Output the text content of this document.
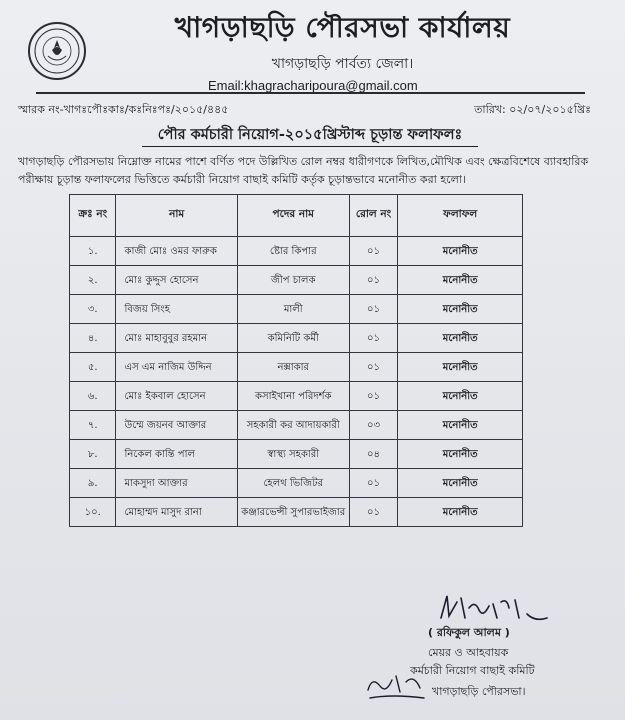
খাগড়াছড়ি পৌরসভা কার্যালয়
খাগড়াছড়ি পার্বত্য জেলা।
Email:khagracharipoura@gmail.com
স্মারক নং-খাগঃপৌঃকাঃ/কঃনিঃপঃ/২০১৫/৪৪৫	তারিখ: ০২/০৭/২০১৫খ্রিঃ
পৌর কর্মচারী নিয়োগ-২০১৫খ্রিস্টাব্দ চূড়ান্ত ফলাফলঃ
খাগড়াছড়ি পৌরসভায় নিম্নোক্ত নামের পাশে বর্ণিত পদে উল্লিখিত রোল নম্বর ধারীগণকে লিখিত,মৌখিক এবং ক্ষেত্রবিশেষে ব্যাবহারিক পরীক্ষায় চূড়ান্ত ফলাফলের ভিত্তিতে কর্মচারী নিয়োগ বাছাই কমিটি কর্তৃক চূড়ান্তভাবে মনোনীত করা হলো।
ক্রঃ নং	নাম	পদের নাম	রোল নং	ফলাফল
১.	কাজী মোঃ ওমর ফারুক	ষ্টোর কিপার	০১	মনোনীত
২.	মোঃ কুদ্দুস হোসেন	জীপ চালক	০১	মনোনীত
৩.	বিজয় সিংহ	মালী	০১	মনোনীত
৪.	মোঃ মাহাবুবুর রহমান	কমিনিটি কর্মী	০১	মনোনীত
৫.	এস এম নাজিম উদ্দিন	নক্সাকার	০১	মনোনীত
৬.	মোঃ ইকবাল হোসেন	কসাইখানা পরিদর্শক	০১	মনোনীত
৭.	উম্মে জয়নব আক্তার	সহকারী কর আদায়কারী	০৩	মনোনীত
৮.	নিকেল কান্তি পাল	স্বাস্থ্য সহকারী	০৪	মনোনীত
৯.	মাকসুদা আক্তার	হেলথ ভিজিটর	০১	মনোনীত
১০.	মোহাম্মদ মাসুদ রানা	কঞ্জারভেন্সী সুপারভাইজার	০১	মনোনীত
( রফিকুল আলম )
মেয়র ও আহবায়ক
কর্মচারী নিয়োগ বাছাই কমিটি
খাগড়াছড়ি পৌরসভা।
